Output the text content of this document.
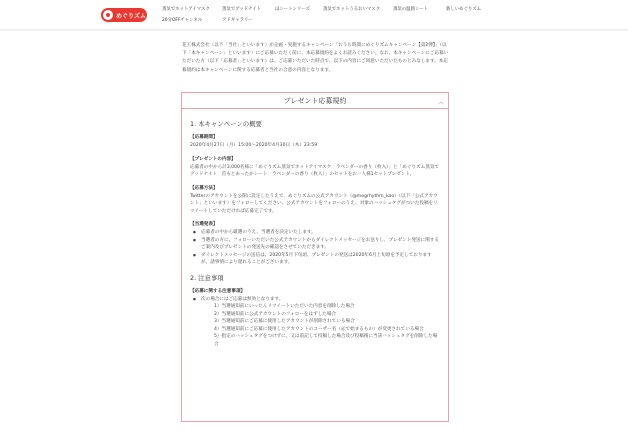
めぐりズム
蒸気でホットアイマスク	蒸気でグッドナイト	ほシートシリーズ	蒸気でホットうるおいマスク	蒸気の温熱シート	新しいめぐりズム
20分OFFチャンネル	アドギャラリー

花王株式会社（以下「当社」といいます）が企画・実施するキャンペーン「おうち時間にめぐりズムキャンペーン【第2弾】」（以下「本キャンペーン」といいます）にご応募いただく前に、本応募規約をよくお読みください。なお、本キャンペーンにご応募いただいた方（以下「応募者」といいます）は、ご応募いただいた時点で、以下の内容にご同意いただいたものとみなします。本応募規約は本キャンペーンに関する応募者と当社の合意の内容となります。

プレゼント応募規約	︿
1. 本キャンペーンの概要
【応募期間】

2020年4月27日（月）15:00〜2020年4月30日（木）23:59

【プレゼントの内容】

応募者の中から計3,000名様に「めぐりズム蒸気でホットアイマスク　ラベンダーの香り（枚入）」と「めぐりズム蒸気でグッドナイト　首もとあったかシート　ラベンダーの香り（枚入）」のセットをお一人様1セットプレゼント。

【応募方法】

Twitterのアカウントを公開に設定したうえで、めぐりズムの公式アカウント（@megrhythm_kao）（以下「公式アカウント」といいます）をフォローしてください。公式アカウントをフォローのうえ、対象のハッシュタグがついた投稿をリツイートしていただければ応募完了です。

【当選発表】
● 応募者の中から厳選のうえ、当選者を決定いたします。
● 当選者の方に、フォローいただいた公式アカウントからダイレクトメッセージをお送りし、プレゼント発送に関するご案内及びプレゼントの発送先の確認をさせていただきます。
● ダイレクトメッセージの送信は、2020年5月下旬頃、プレゼントの発送は2020年6月上旬頃を予定しておりますが、諸事情により遅れることがございます。
2. 注意事項
【応募に関する注意事項】
● 次の場合にはご応募は無効となります。
1）当選通知前にいったんリツイートいただいた内容を削除した場合
2）当選通知前に公式アカウントのフォローをはずした場合
3）当選通知前にご応募に使用したアカウントが削除されている場合
4）当選通知前にご応募に使用したアカウントのユーザー名（＠で始まるもの）が変更されている場合
5）指定のハッシュタグをつけずに、又は前記して投稿した場合及び投稿後に当該ハッシュタグを削除した場合
